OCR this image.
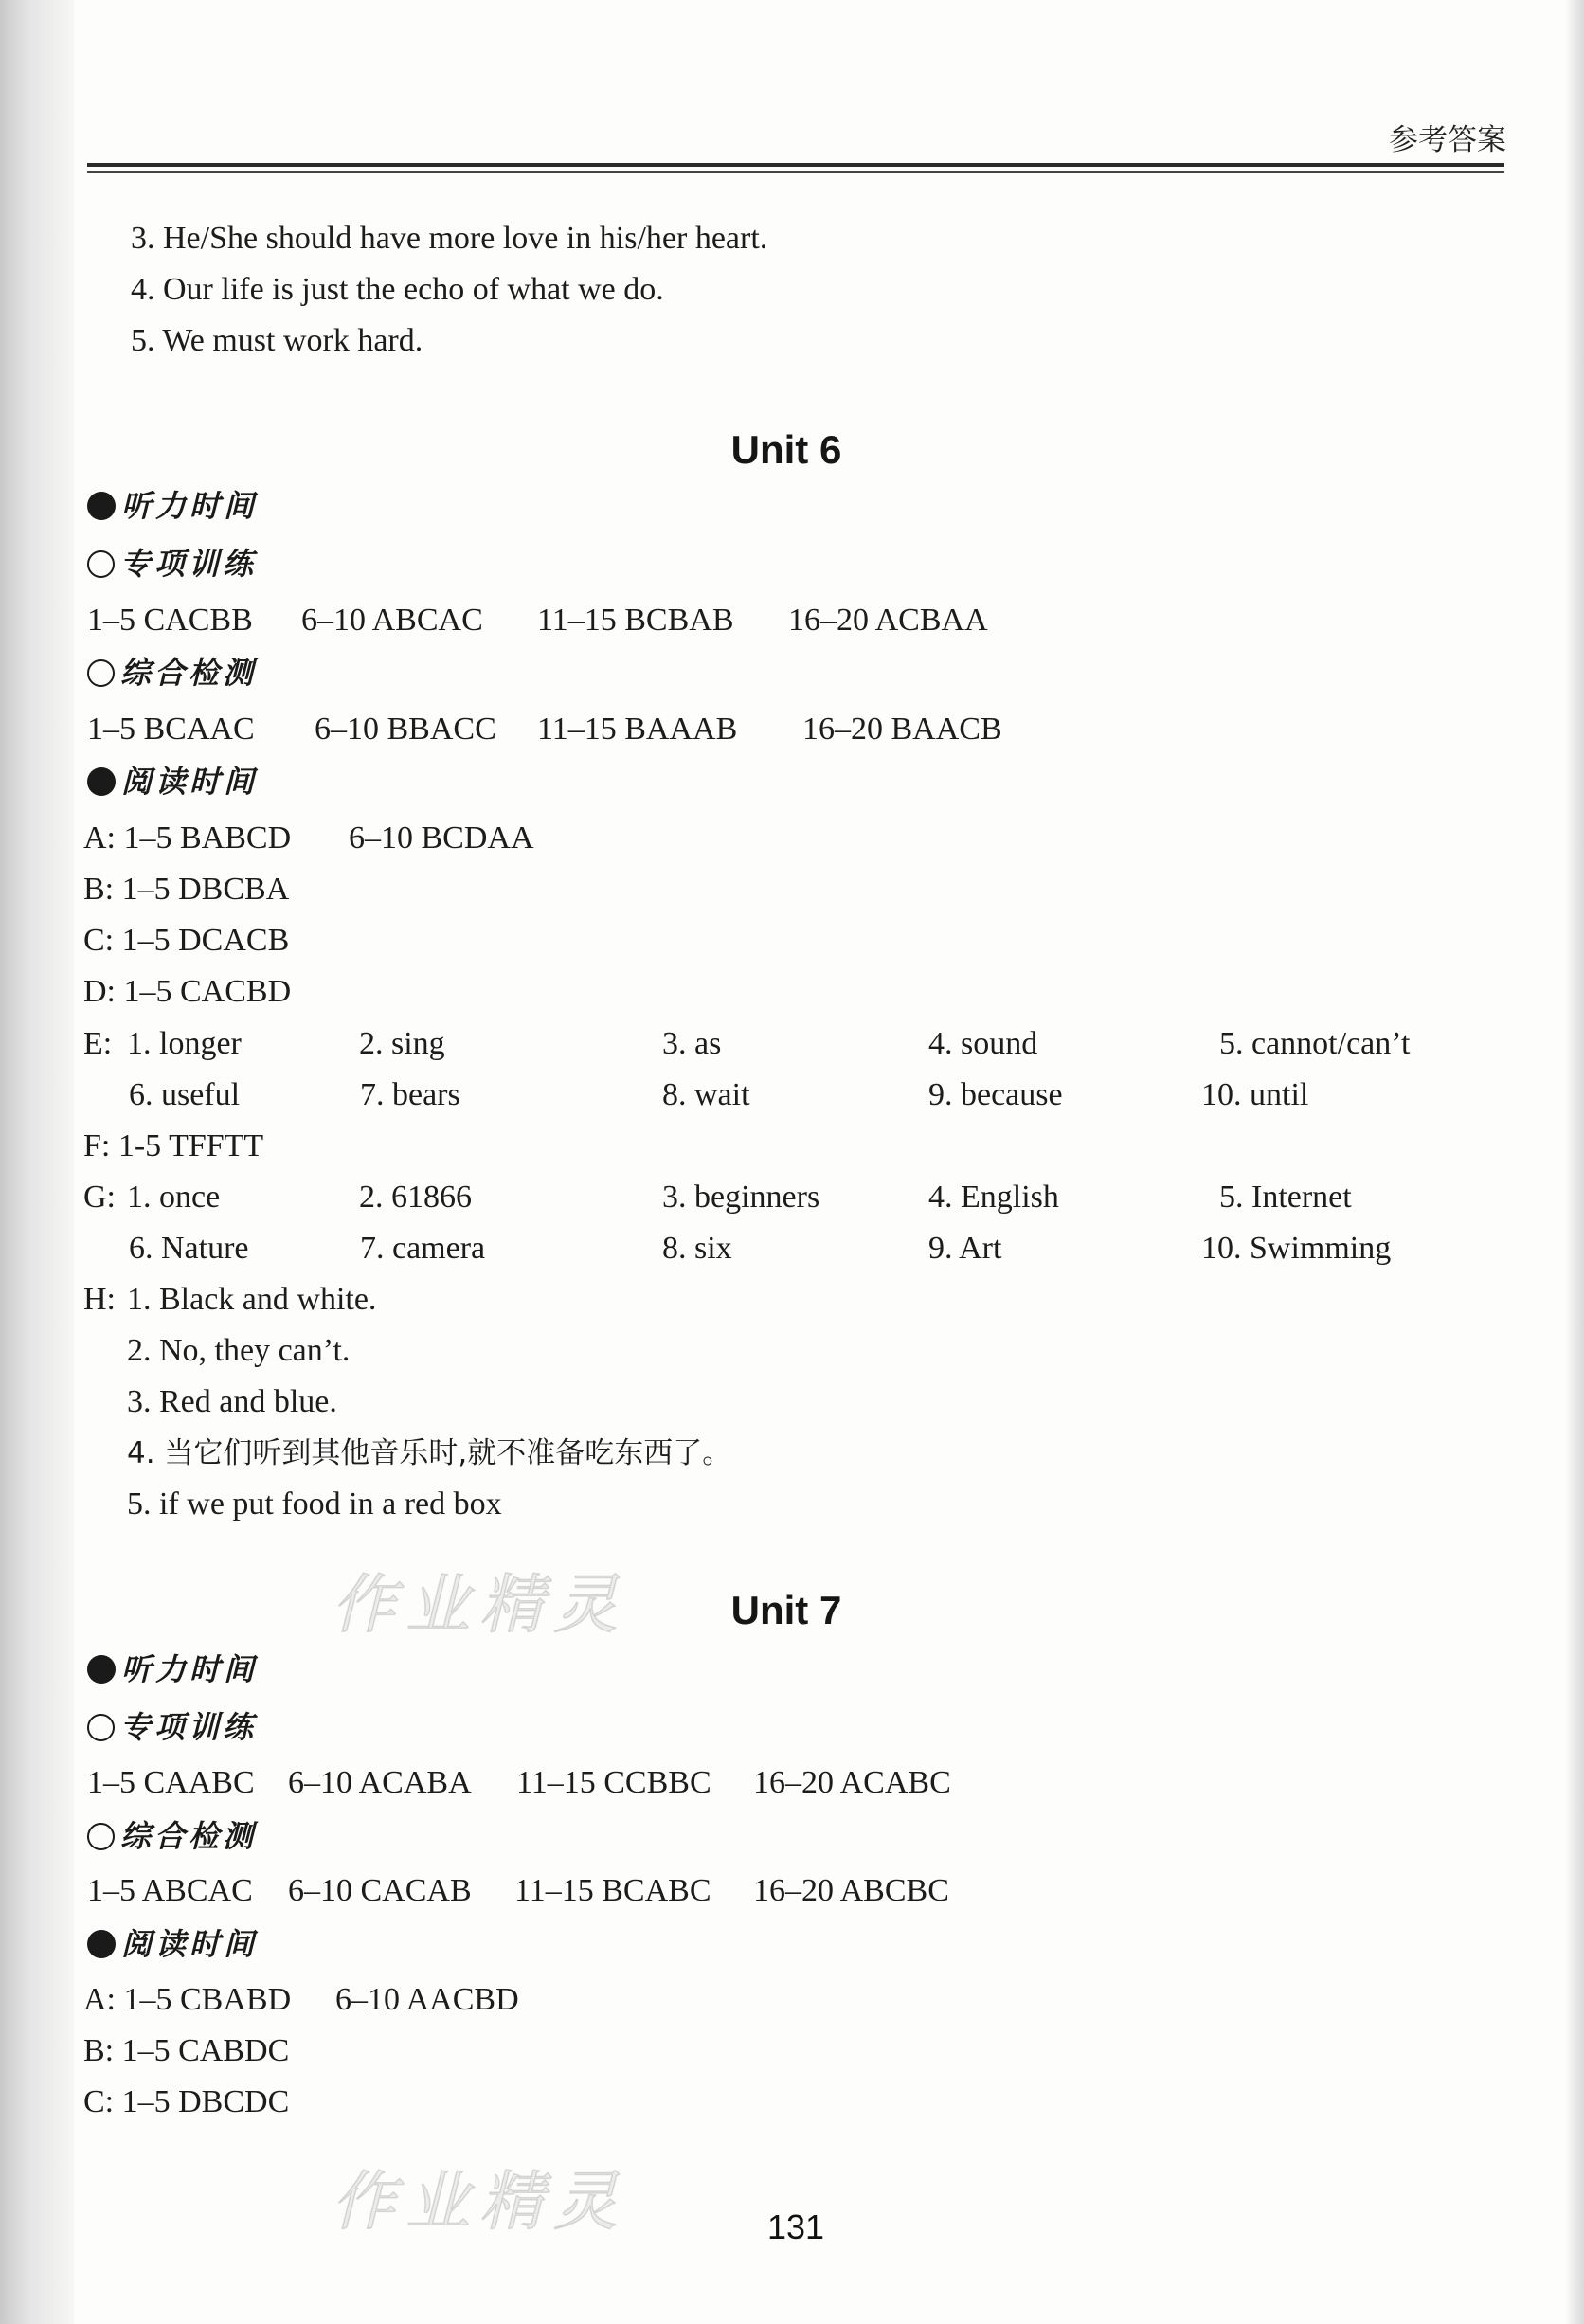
参考答案
3. He/She should have more love in his/her heart.
4. Our life is just the echo of what we do.
5. We must work hard.
Unit 6
听力时间
专项训练
1–5 CACBB 6–10 ABCAC 11–15 BCBAB 16–20 ACBAA
综合检测
1–5 BCAAC 6–10 BBACC 11–15 BAAAB 16–20 BAACB
阅读时间
A: 1–5 BABCD 6–10 BCDAA
B: 1–5 DBCBA
C: 1–5 DCACB
D: 1–5 CACBD
E: 1. longer	2. sing	3. as	4. sound	5. cannot/can’t
6. useful	7. bears	8. wait	9. because	10. until
F: 1-5 TFFTT
G: 1. once	2. 61866	3. beginners	4. English	5. Internet
6. Nature	7. camera	8. six	9. Art	10. Swimming
H: 1. Black and white.
2. No, they can’t.
3. Red and blue.
4. 当它们听到其他音乐时,就不准备吃东西了。
5. if we put food in a red box
作业精灵	Unit 7
听力时间
专项训练
1–5 CAABC 6–10 ACABA 11–15 CCBBC 16–20 ACABC
综合检测
1–5 ABCAC 6–10 CACAB 11–15 BCABC 16–20 ABCBC
阅读时间
A: 1–5 CBABD 6–10 AACBD
B: 1–5 CABDC
C: 1–5 DBCDC
作业精灵	131
